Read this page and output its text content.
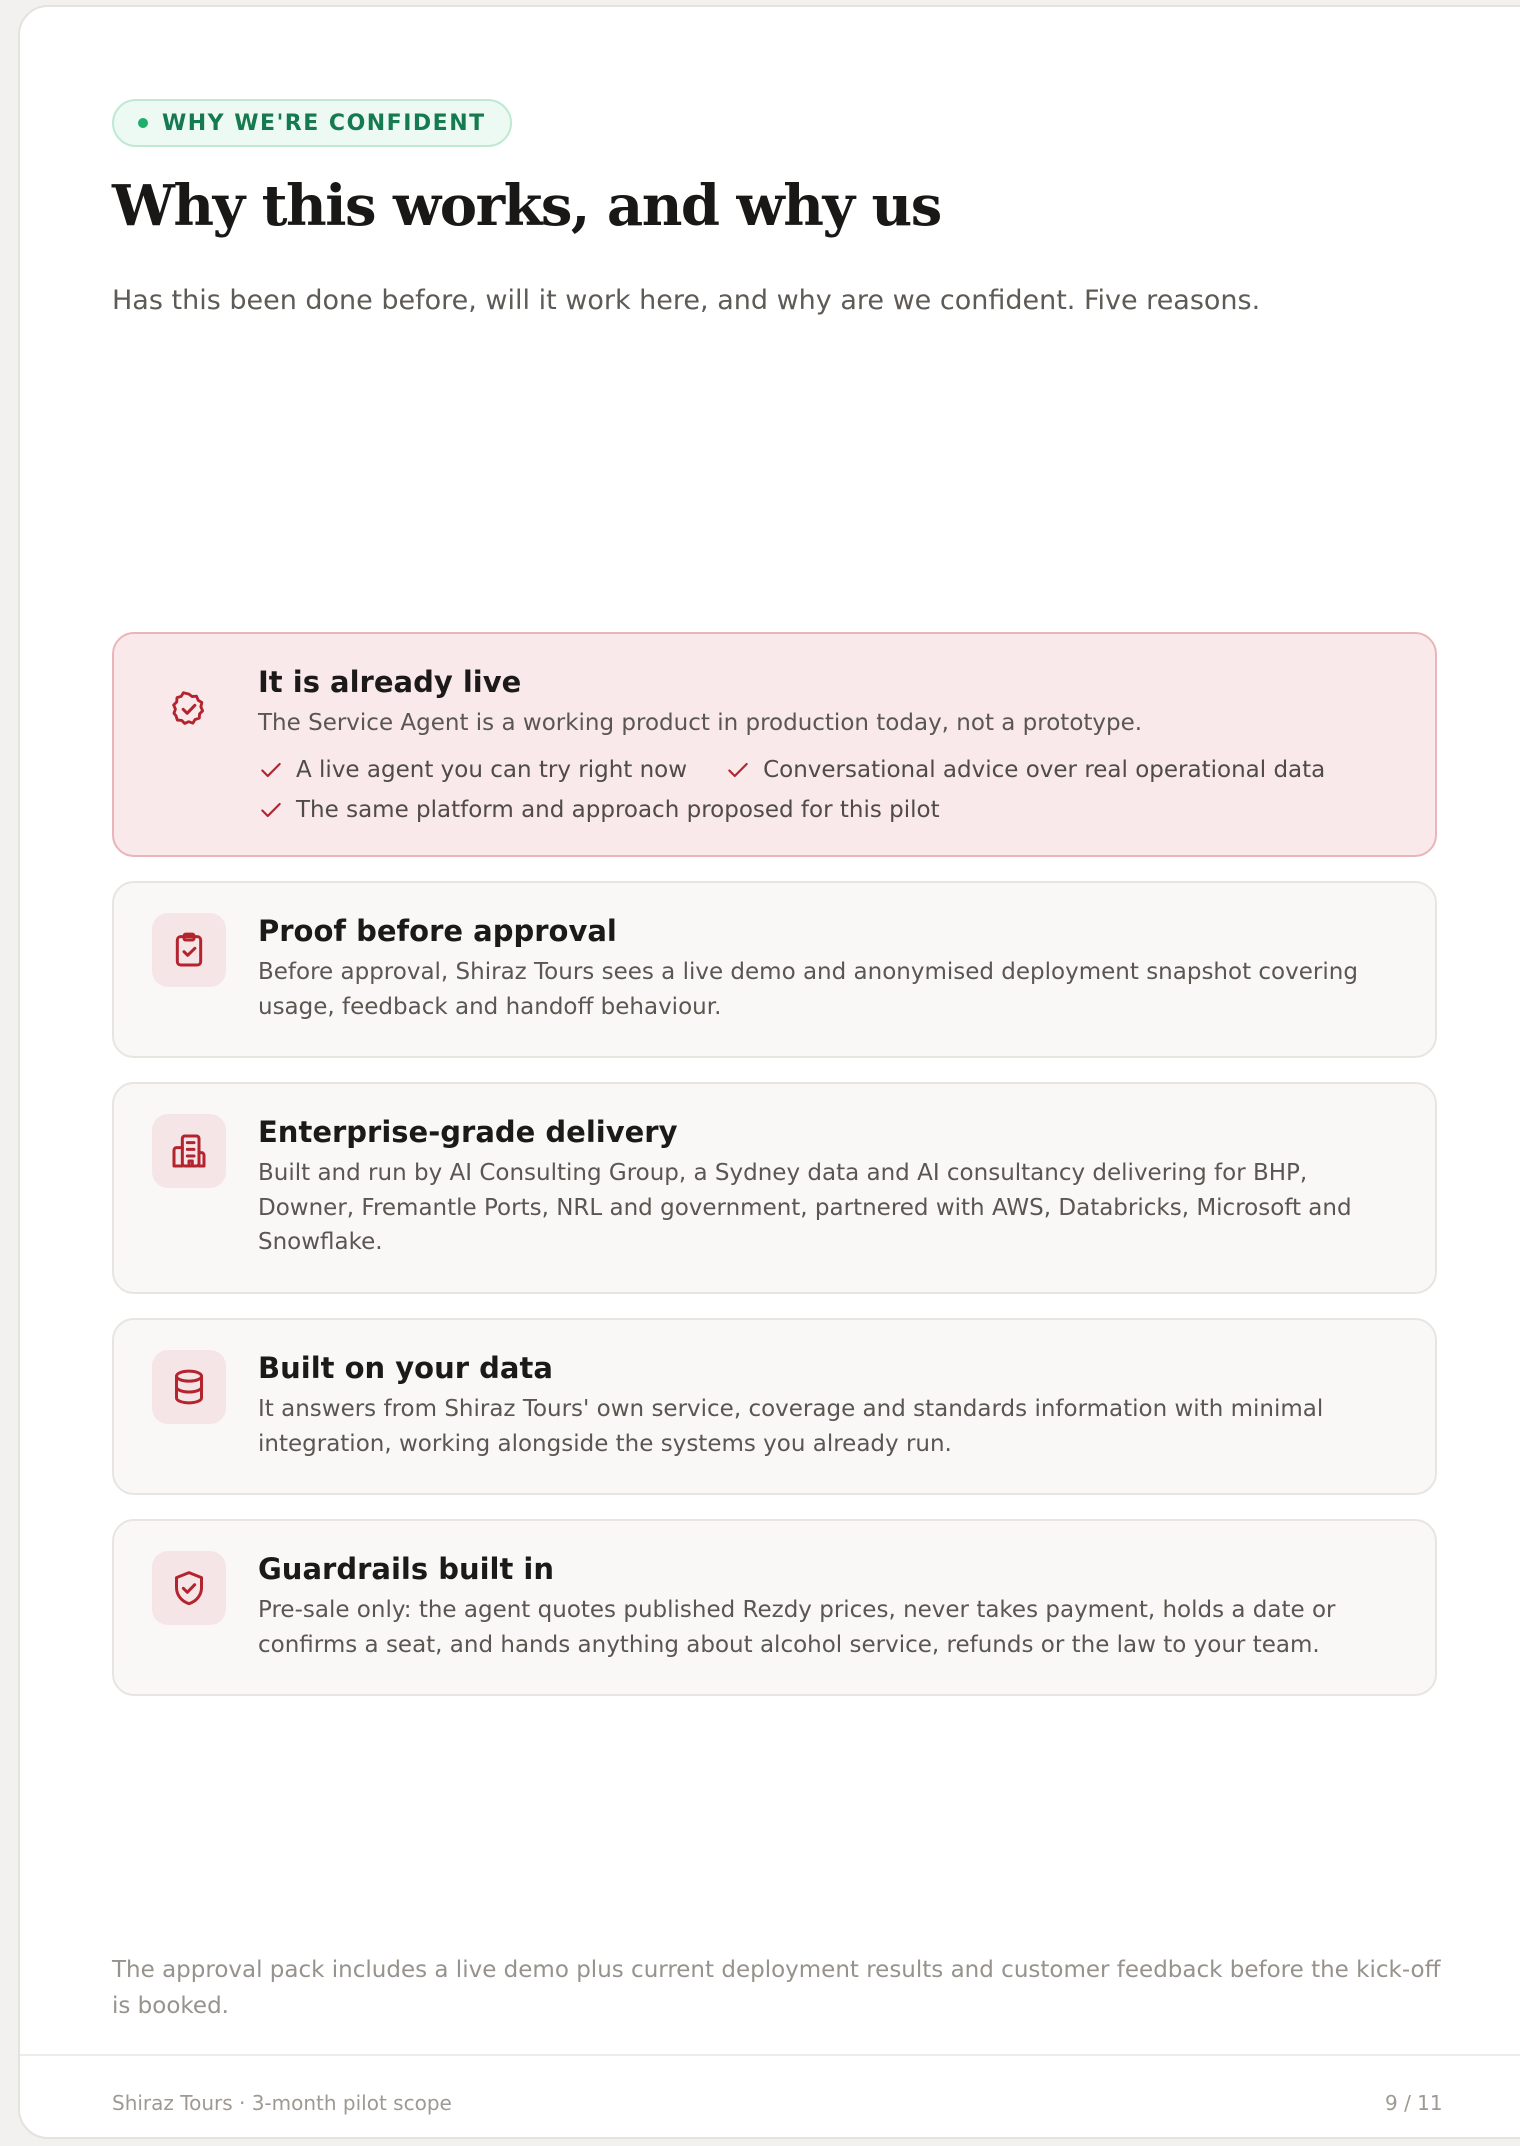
WHY WE'RE CONFIDENT
Why this works, and why us

Has this been done before, will it work here, and why are we confident. Five reasons.

It is already live
The Service Agent is a working product in production today, not a prototype.
A live agent you can try right now	Conversational advice over real operational data
The same platform and approach proposed for this pilot
Proof before approval
Before approval, Shiraz Tours sees a live demo and anonymised deployment snapshot covering usage, feedback and handoff behaviour.
Enterprise-grade delivery
Built and run by AI Consulting Group, a Sydney data and AI consultancy delivering for BHP, Downer, Fremantle Ports, NRL and government, partnered with AWS, Databricks, Microsoft and Snowflake.
Built on your data
It answers from Shiraz Tours' own service, coverage and standards information with minimal integration, working alongside the systems you already run.
Guardrails built in
Pre-sale only: the agent quotes published Rezdy prices, never takes payment, holds a date or confirms a seat, and hands anything about alcohol service, refunds or the law to your team.
The approval pack includes a live demo plus current deployment results and customer feedback before the kick-off is booked.
Shiraz Tours · 3-month pilot scope	9 / 11
